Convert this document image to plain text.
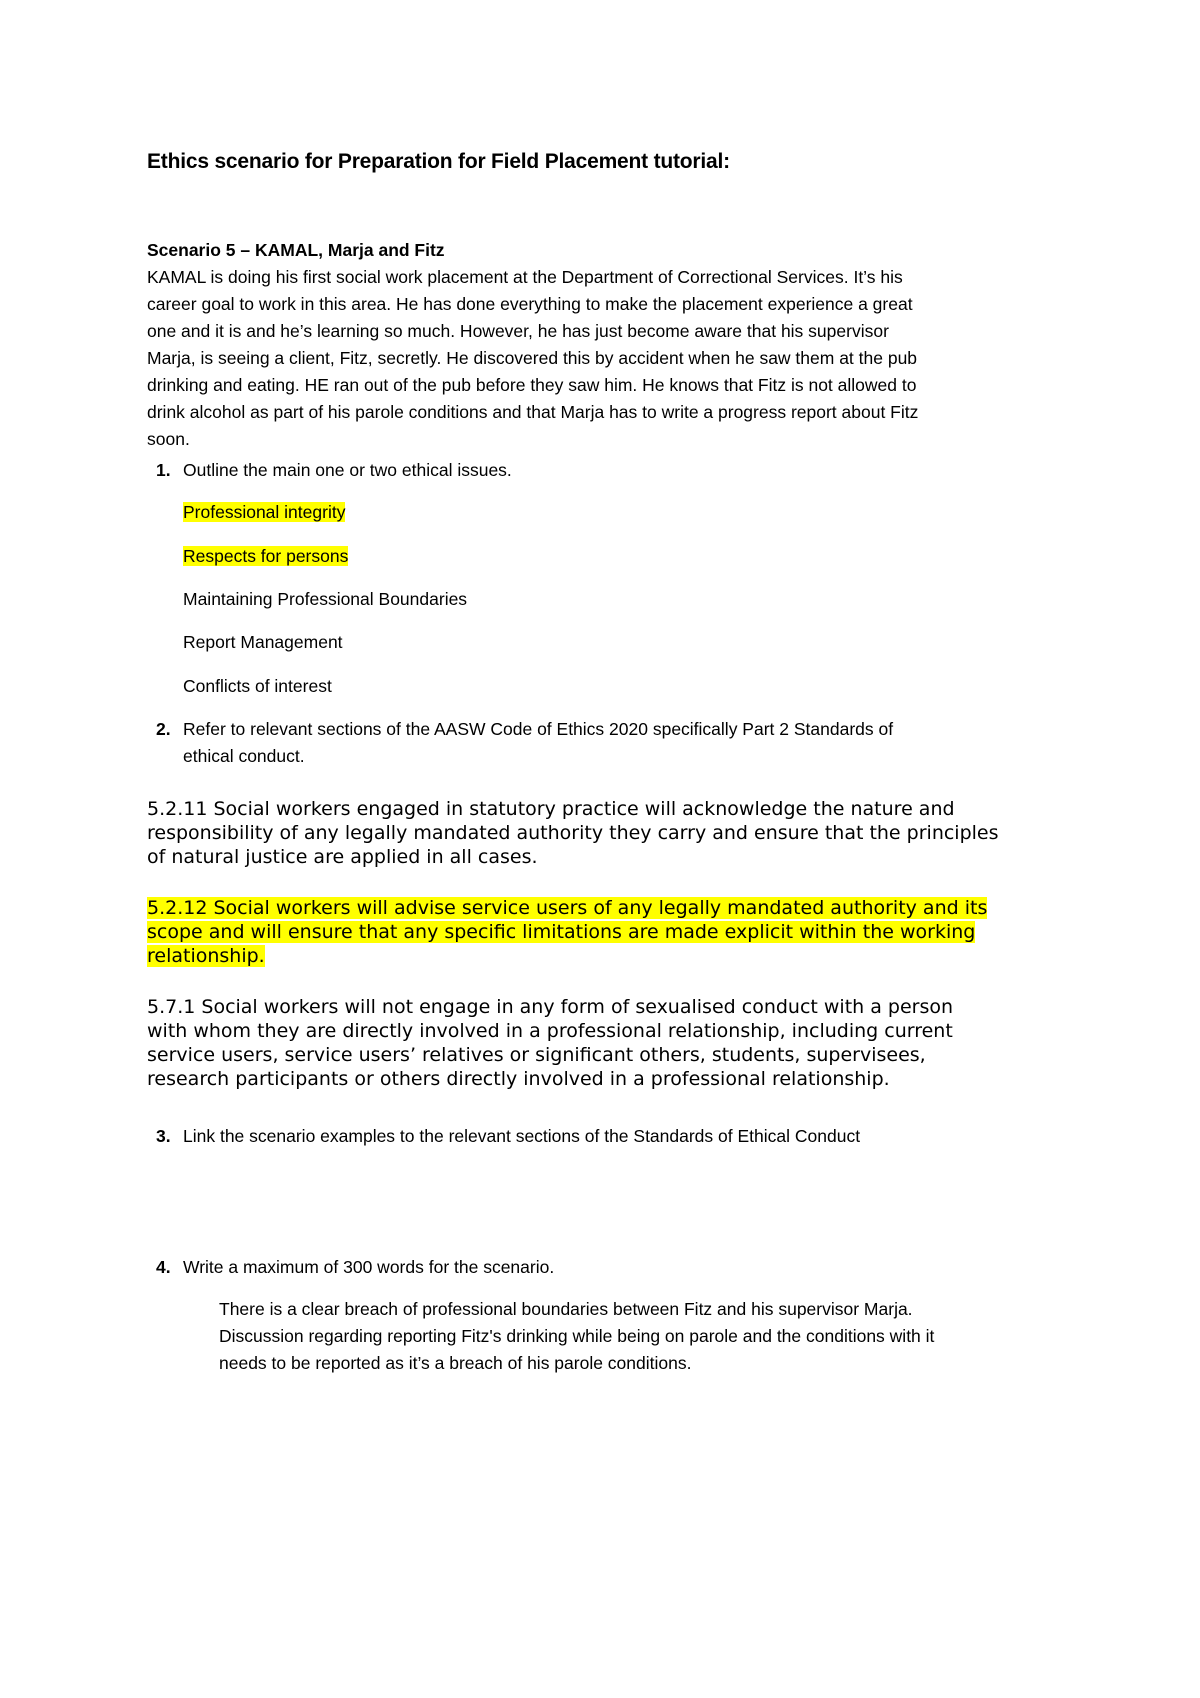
Ethics scenario for Preparation for Field Placement tutorial:
Scenario 5 – KAMAL, Marja and Fitz
KAMAL is doing his first social work placement at the Department of Correctional Services. It’s his
career goal to work in this area. He has done everything to make the placement experience a great
one and it is and he’s learning so much. However, he has just become aware that his supervisor
Marja, is seeing a client, Fitz, secretly. He discovered this by accident when he saw them at the pub
drinking and eating. HE ran out of the pub before they saw him. He knows that Fitz is not allowed to
drink alcohol as part of his parole conditions and that Marja has to write a progress report about Fitz
soon.
1. Outline the main one or two ethical issues.
Professional integrity
Respects for persons
Maintaining Professional Boundaries
Report Management
Conflicts of interest
2. Refer to relevant sections of the AASW Code of Ethics 2020 specifically Part 2 Standards of
ethical conduct.
5.2.11 Social workers engaged in statutory practice will acknowledge the nature and
responsibility of any legally mandated authority they carry and ensure that the principles
of natural justice are applied in all cases.
5.2.12 Social workers will advise service users of any legally mandated authority and its
scope and will ensure that any specific limitations are made explicit within the working
relationship.
5.7.1 Social workers will not engage in any form of sexualised conduct with a person
with whom they are directly involved in a professional relationship, including current
service users, service users’ relatives or significant others, students, supervisees,
research participants or others directly involved in a professional relationship.
3. Link the scenario examples to the relevant sections of the Standards of Ethical Conduct
4. Write a maximum of 300 words for the scenario.
There is a clear breach of professional boundaries between Fitz and his supervisor Marja.
Discussion regarding reporting Fitz's drinking while being on parole and the conditions with it
needs to be reported as it’s a breach of his parole conditions.
